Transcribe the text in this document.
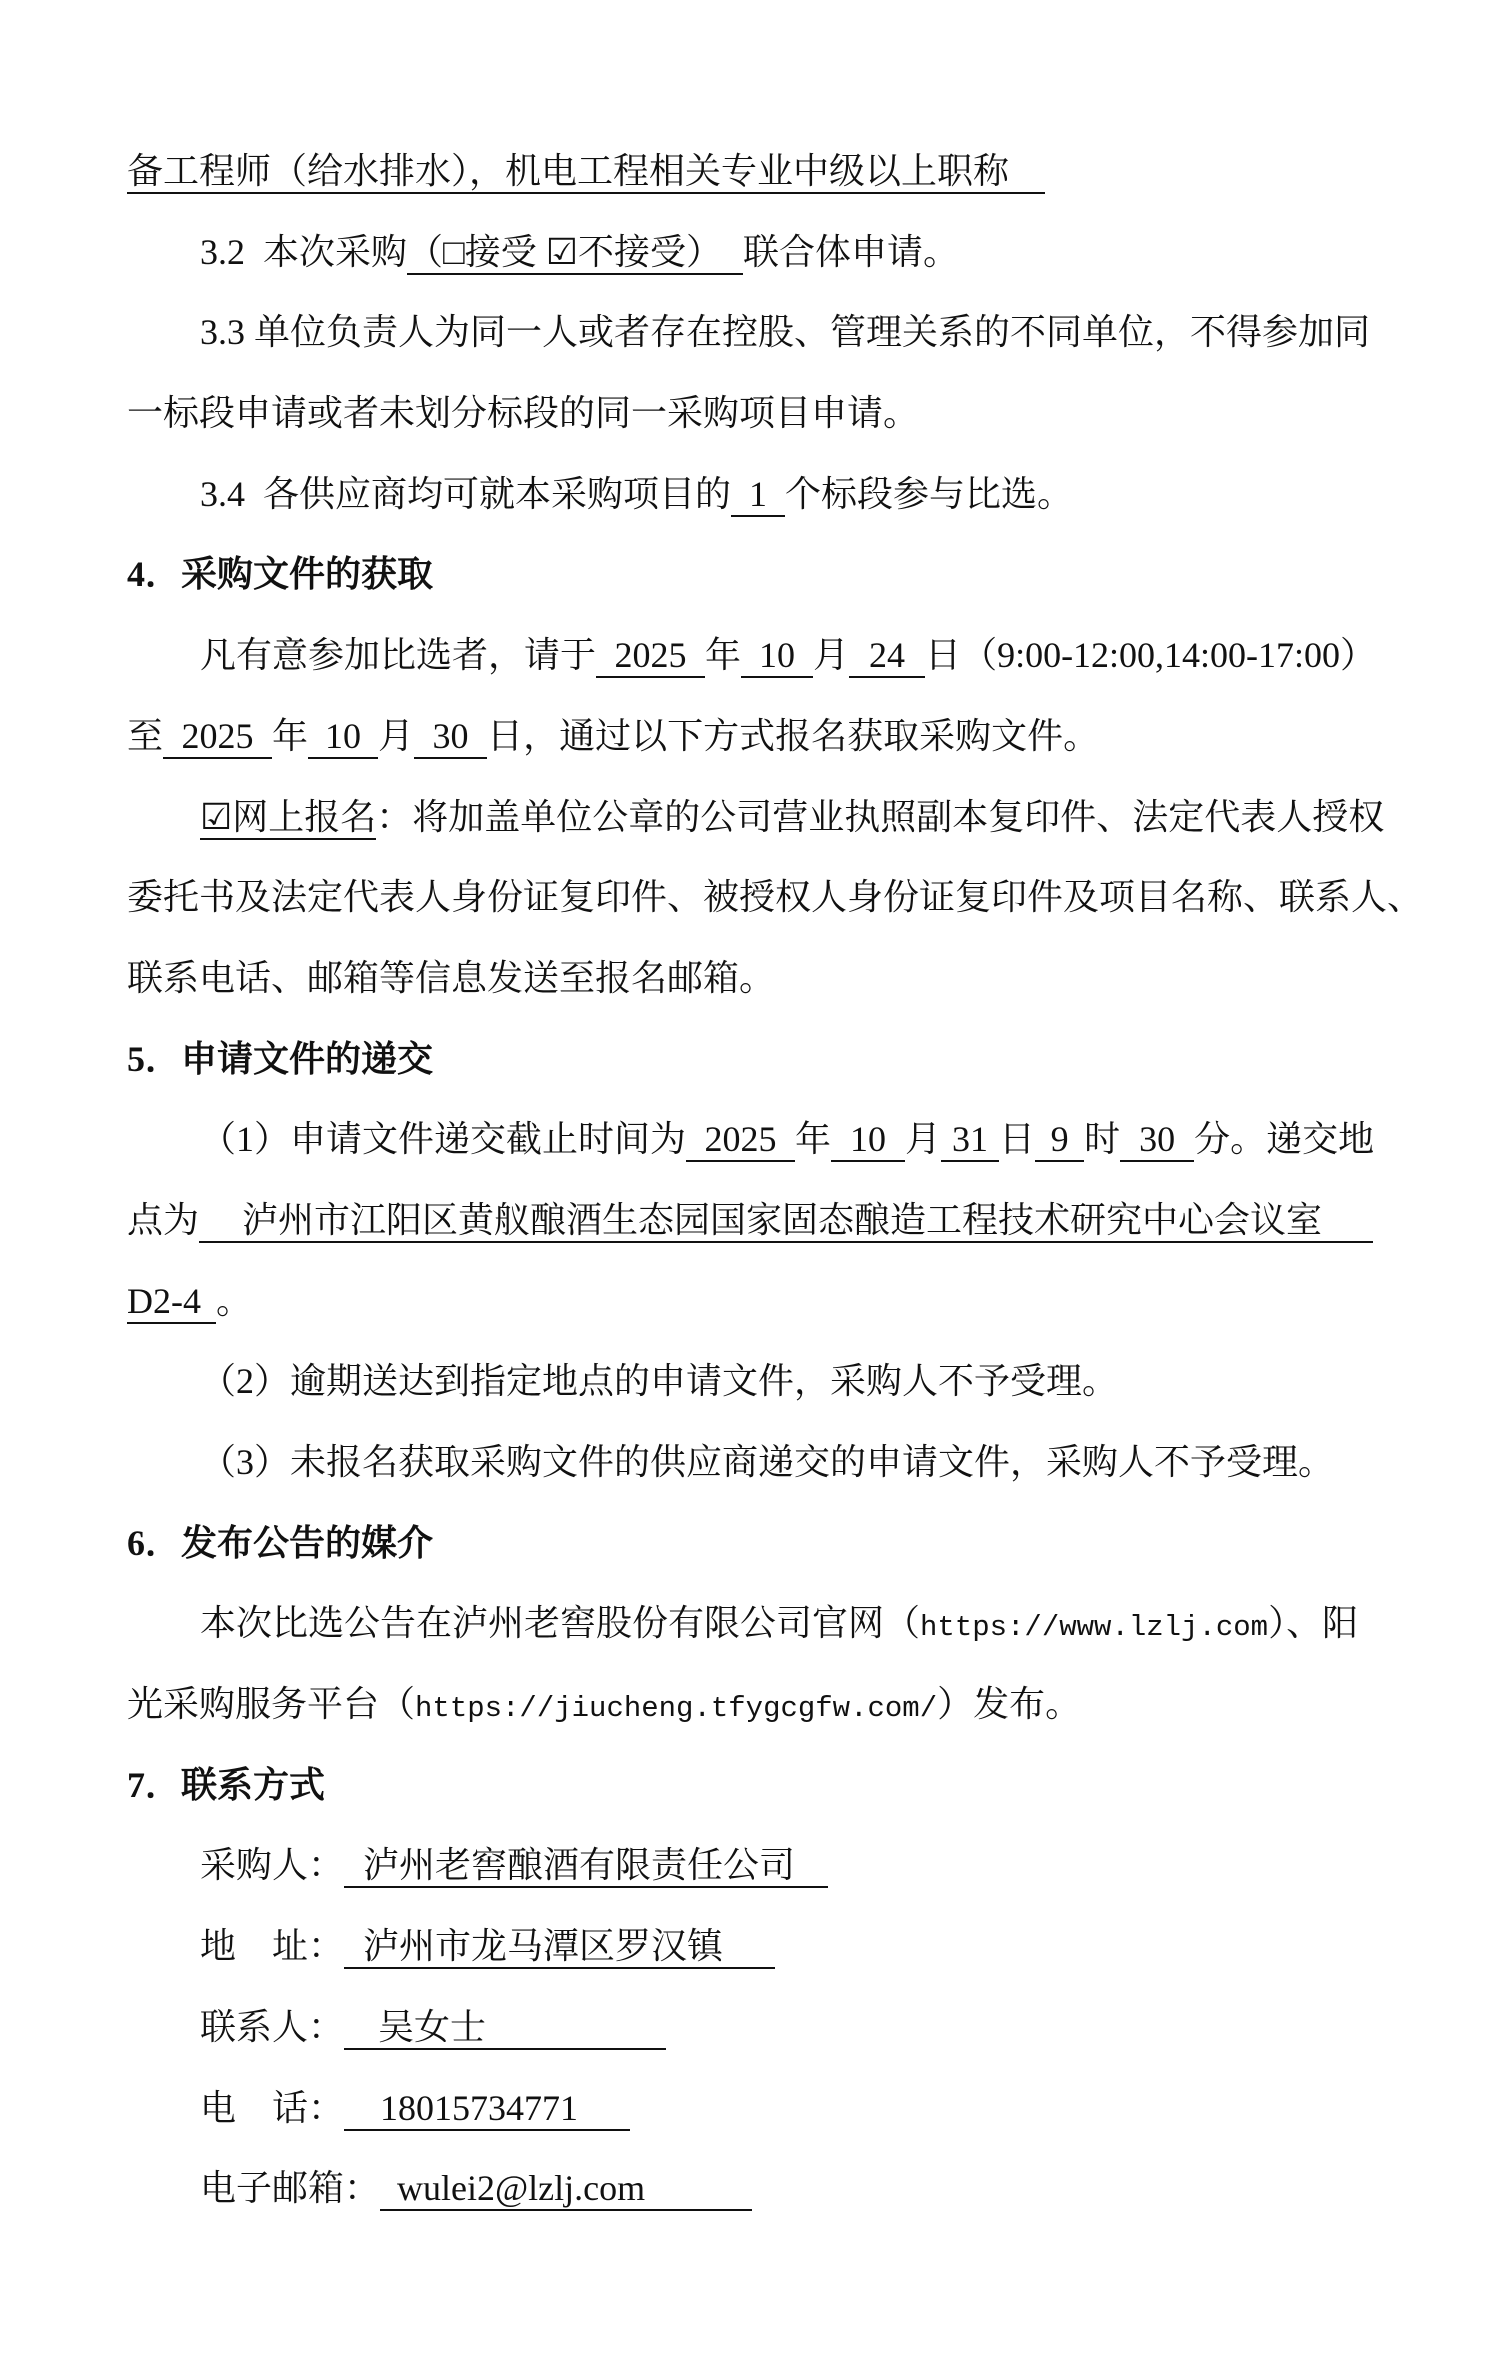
备工程师（给水排水），机电工程相关专业中级以上职称
3.2 本次采购（□接受 ☑不接受） 联合体申请。
3.3 单位负责人为同一人或者存在控股、管理关系的不同单位，不得参加同
一标段申请或者未划分标段的同一采购项目申请。
3.4 各供应商均可就本采购项目的 1 个标段参与比选。
4．采购文件的获取
凡有意参加比选者，请于 2025 年 10 月 24 日（9:00-12:00,14:00-17:00）
至 2025 年 10 月 30 日，通过以下方式报名获取采购文件。
☑网上报名：将加盖单位公章的公司营业执照副本复印件、法定代表人授权
委托书及法定代表人身份证复印件、被授权人身份证复印件及项目名称、联系人、
联系电话、邮箱等信息发送至报名邮箱。
5．申请文件的递交
（1）申请文件递交截止时间为 2025 年 10 月 31 日 9 时 30 分。递交地
点为 泸州市江阳区黄舣酿酒生态园国家固态酿造工程技术研究中心会议室
D2-4 。
（2）逾期送达到指定地点的申请文件，采购人不予受理。
（3）未报名获取采购文件的供应商递交的申请文件，采购人不予受理。
6．发布公告的媒介
本次比选公告在泸州老窖股份有限公司官网（https://www.lzlj.com）、阳
光采购服务平台（https://jiucheng.tfygcgfw.com/）发布。
7．联系方式
采购人： 泸州老窖酿酒有限责任公司
地　址： 泸州市龙马潭区罗汉镇
联系人： 吴女士
电　话： 18015734771
电子邮箱： wulei2@lzlj.com
